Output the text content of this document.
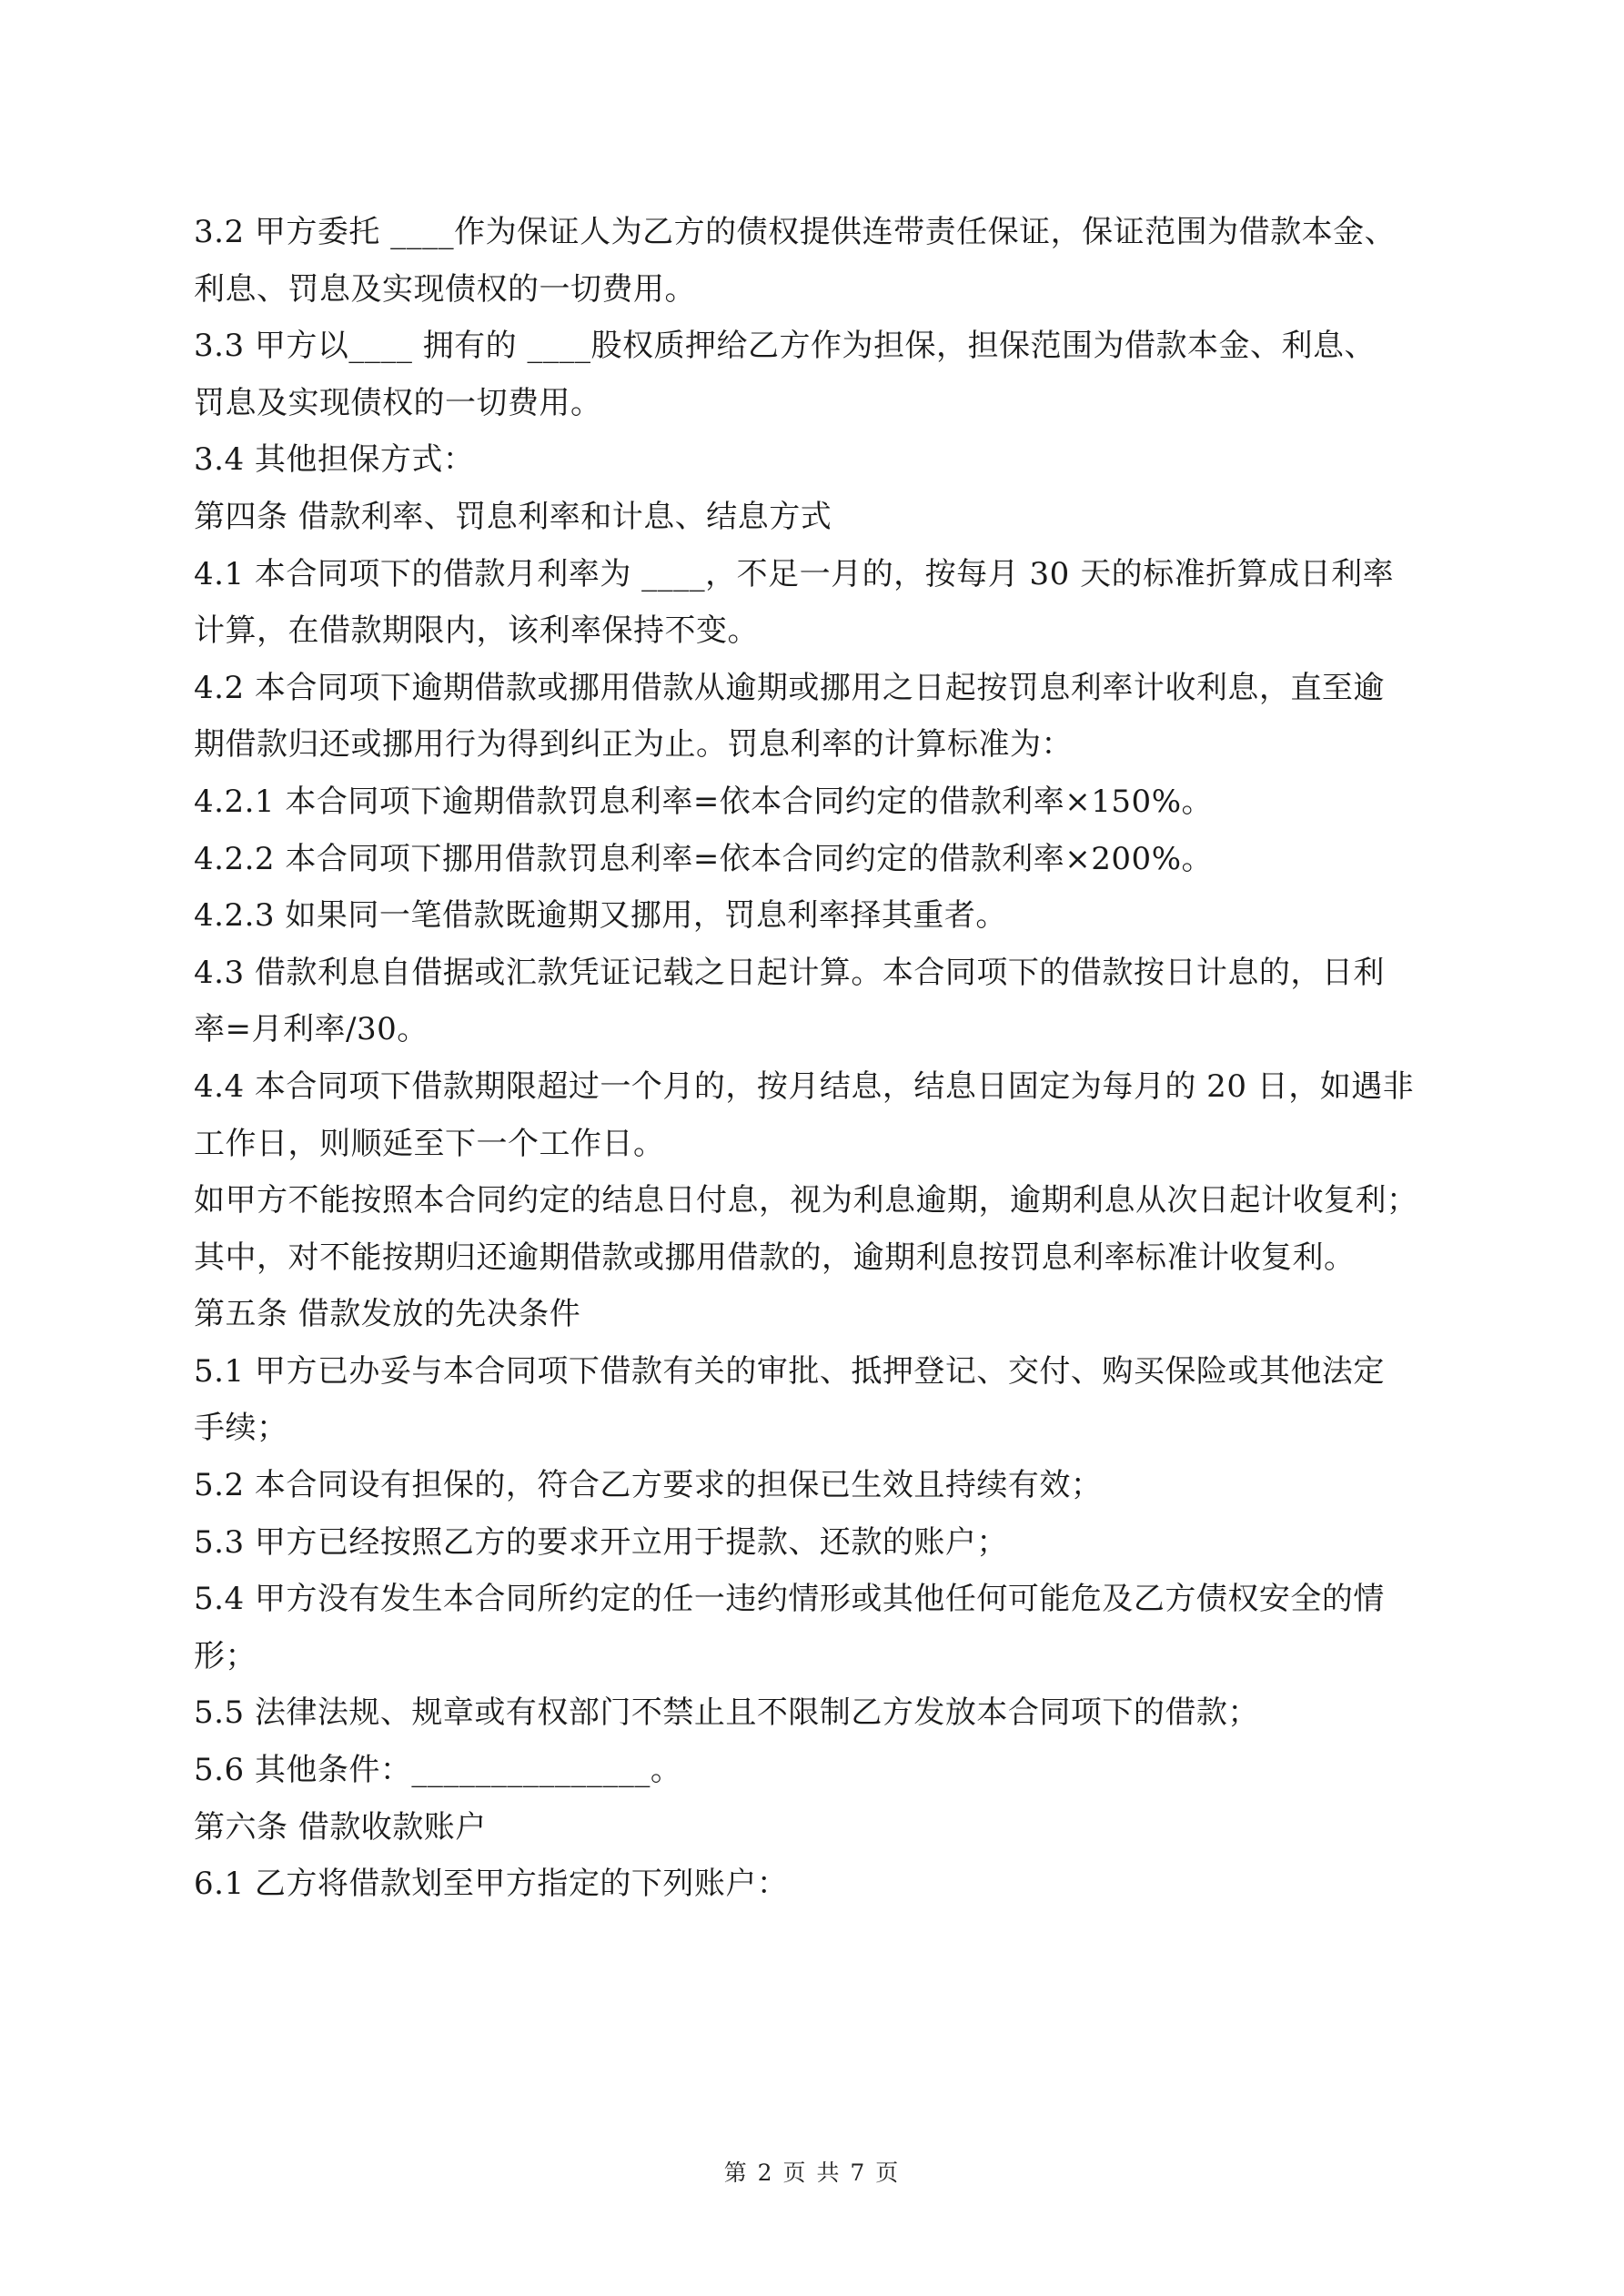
3.2 甲方委托 ____作为保证人为乙方的债权提供连带责任保证，保证范围为借款本金、
利息、罚息及实现债权的一切费用。
3.3 甲方以____ 拥有的 ____股权质押给乙方作为担保，担保范围为借款本金、利息、
罚息及实现债权的一切费用。
3.4 其他担保方式：
第四条 借款利率、罚息利率和计息、结息方式
4.1 本合同项下的借款月利率为 ____，不足一月的，按每月 30 天的标准折算成日利率
计算，在借款期限内，该利率保持不变。
4.2 本合同项下逾期借款或挪用借款从逾期或挪用之日起按罚息利率计收利息，直至逾
期借款归还或挪用行为得到纠正为止。罚息利率的计算标准为：
4.2.1 本合同项下逾期借款罚息利率=依本合同约定的借款利率×150%。
4.2.2 本合同项下挪用借款罚息利率=依本合同约定的借款利率×200%。
4.2.3 如果同一笔借款既逾期又挪用，罚息利率择其重者。
4.3 借款利息自借据或汇款凭证记载之日起计算。本合同项下的借款按日计息的，日利
率=月利率/30。
4.4 本合同项下借款期限超过一个月的，按月结息，结息日固定为每月的 20 日，如遇非
工作日，则顺延至下一个工作日。
如甲方不能按照本合同约定的结息日付息，视为利息逾期，逾期利息从次日起计收复利；
其中，对不能按期归还逾期借款或挪用借款的，逾期利息按罚息利率标准计收复利。
第五条 借款发放的先决条件
5.1 甲方已办妥与本合同项下借款有关的审批、抵押登记、交付、购买保险或其他法定
手续；
5.2 本合同设有担保的，符合乙方要求的担保已生效且持续有效；
5.3 甲方已经按照乙方的要求开立用于提款、还款的账户；
5.4 甲方没有发生本合同所约定的任一违约情形或其他任何可能危及乙方债权安全的情
形；
5.5 法律法规、规章或有权部门不禁止且不限制乙方发放本合同项下的借款；
5.6 其他条件：_______________。
第六条 借款收款账户
6.1 乙方将借款划至甲方指定的下列账户：
第 2 页 共 7 页
